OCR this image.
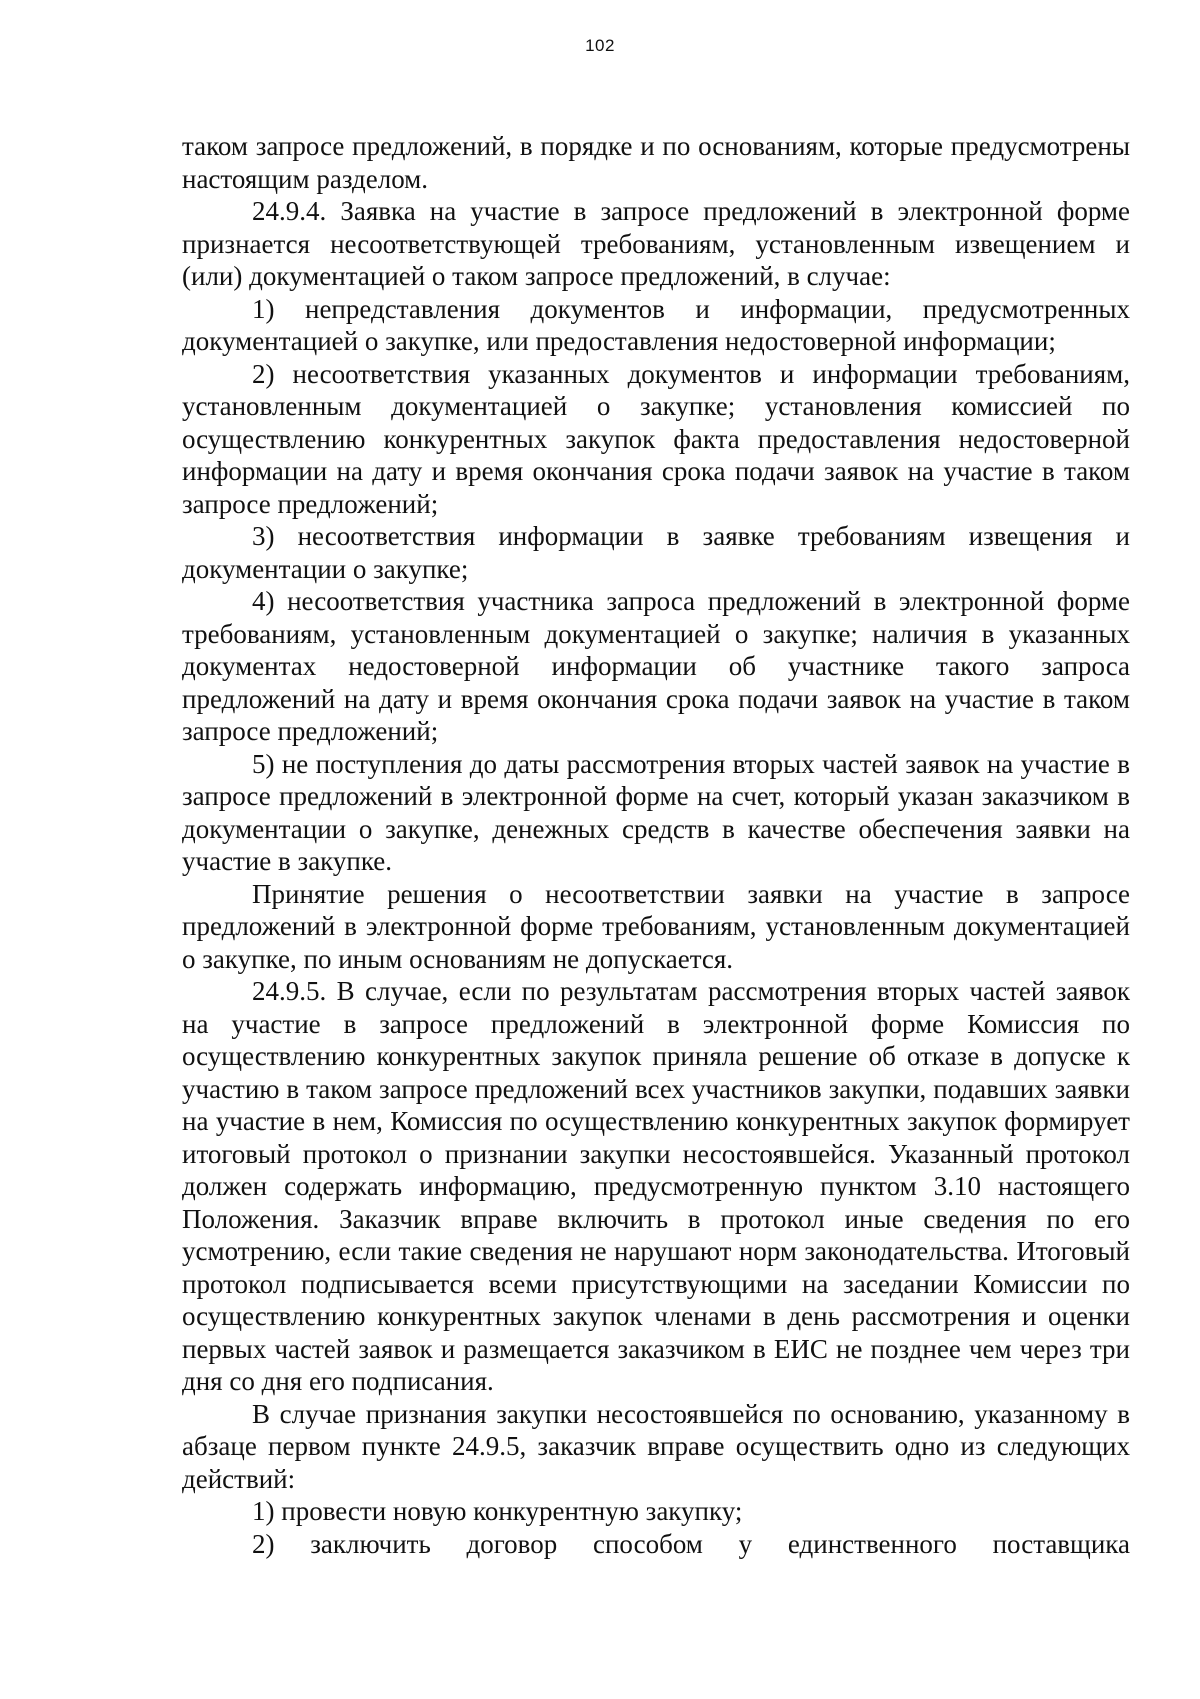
102

таком запросе предложений, в порядке и по основаниям, которые предусмотрены настоящим разделом.

24.9.4. Заявка на участие в запросе предложений в электронной форме признается несоответствующей требованиям, установленным извещением и (или) документацией о таком запросе предложений, в случае:

1) непредставления документов и информации, предусмотренных документацией о закупке, или предоставления недостоверной информации;

2) несоответствия указанных документов и информации требованиям, установленным документацией о закупке; установления комиссией по осуществлению конкурентных закупок факта предоставления недостоверной информации на дату и время окончания срока подачи заявок на участие в таком запросе предложений;

3) несоответствия информации в заявке требованиям извещения и документации о закупке;

4) несоответствия участника запроса предложений в электронной форме требованиям, установленным документацией о закупке; наличия в указанных документах недостоверной информации об участнике такого запроса предложений на дату и время окончания срока подачи заявок на участие в таком запросе предложений;

5) не поступления до даты рассмотрения вторых частей заявок на участие в запросе предложений в электронной форме на счет, который указан заказчиком в документации о закупке, денежных средств в качестве обеспечения заявки на участие в закупке.

Принятие решения о несоответствии заявки на участие в запросе предложений в электронной форме требованиям, установленным документацией о закупке, по иным основаниям не допускается.

24.9.5. В случае, если по результатам рассмотрения вторых частей заявок на участие в запросе предложений в электронной форме Комиссия по осуществлению конкурентных закупок приняла решение об отказе в допуске к участию в таком запросе предложений всех участников закупки, подавших заявки на участие в нем, Комиссия по осуществлению конкурентных закупок формирует итоговый протокол о признании закупки несостоявшейся. Указанный протокол должен содержать информацию, предусмотренную пунктом 3.10 настоящего Положения. Заказчик вправе включить в протокол иные сведения по его усмотрению, если такие сведения не нарушают норм законодательства. Итоговый протокол подписывается всеми присутствующими на заседании Комиссии по осуществлению конкурентных закупок членами в день рассмотрения и оценки первых частей заявок и размещается заказчиком в ЕИС не позднее чем через три дня со дня его подписания.

В случае признания закупки несостоявшейся по основанию, указанному в абзаце первом пункте 24.9.5, заказчик вправе осуществить одно из следующих действий:

1) провести новую конкурентную закупку;

2) заключить договор способом у единственного поставщика
